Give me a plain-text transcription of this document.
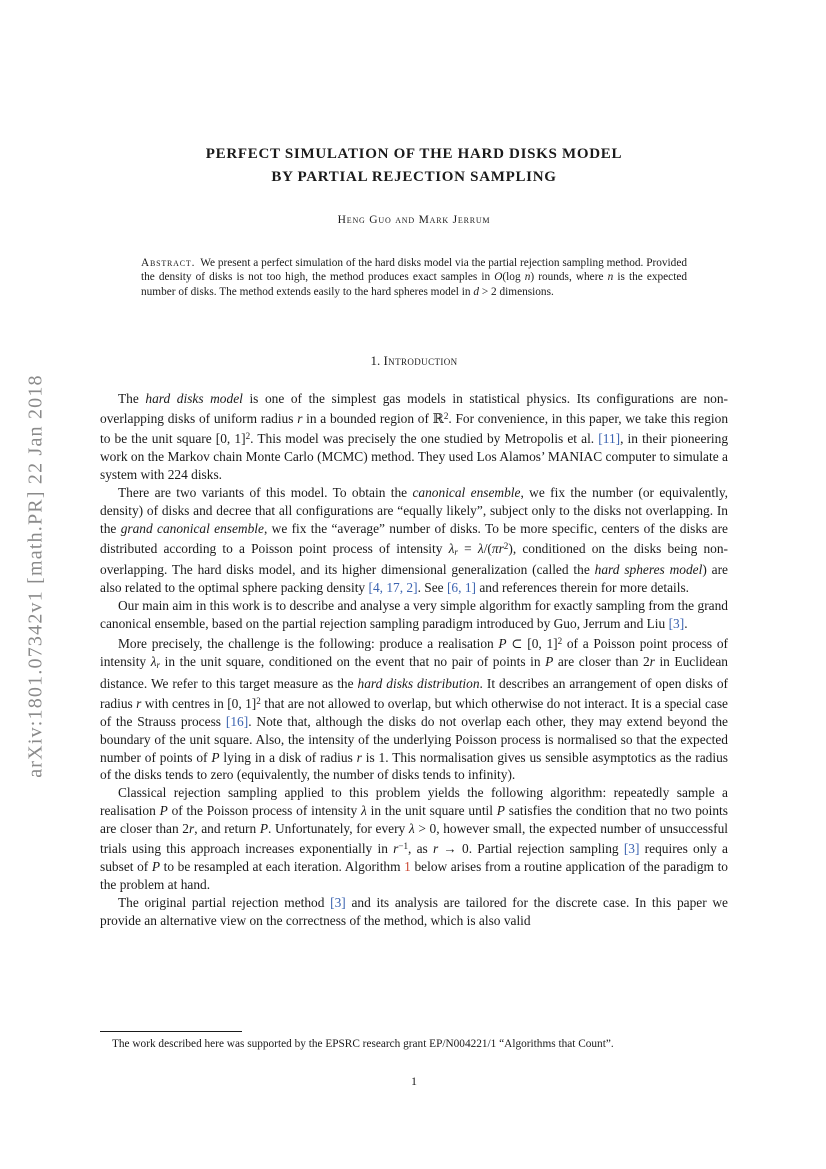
arXiv:1801.07342v1 [math.PR] 22 Jan 2018
PERFECT SIMULATION OF THE HARD DISKS MODEL
BY PARTIAL REJECTION SAMPLING
Heng Guo and Mark Jerrum
Abstract. We present a perfect simulation of the hard disks model via the partial rejection sampling method. Provided the density of disks is not too high, the method produces exact samples in O(log n) rounds, where n is the expected number of disks. The method extends easily to the hard spheres model in d > 2 dimensions.
1. Introduction

The hard disks model is one of the simplest gas models in statistical physics. Its configurations are non-overlapping disks of uniform radius r in a bounded region of ℝ$^2$. For convenience, in this paper, we take this region to be the unit square [0, 1]$^2$. This model was precisely the one studied by Metropolis et al. [11], in their pioneering work on the Markov chain Monte Carlo (MCMC) method. They used Los Alamos’ MANIAC computer to simulate a system with 224 disks.

There are two variants of this model. To obtain the canonical ensemble, we fix the number (or equivalently, density) of disks and decree that all configurations are “equally likely”, subject only to the disks not overlapping. In the grand canonical ensemble, we fix the “average” number of disks. To be more specific, centers of the disks are distributed according to a Poisson point process of intensity $\lambda r = \lambda/(\pi r^2)$, conditioned on the disks being non-overlapping. The hard disks model, and its higher dimensional generalization (called the hard spheres model) are also related to the optimal sphere packing density [4, 17, 2]. See [6, 1] and references therein for more details.

Our main aim in this work is to describe and analyse a very simple algorithm for exactly sampling from the grand canonical ensemble, based on the partial rejection sampling paradigm introduced by Guo, Jerrum and Liu [3].

More precisely, the challenge is the following: produce a realisation P ⊂ [0, 1]$^2$ of a Poisson point process of intensity λr in the unit square, conditioned on the event that no pair of points in P are closer than 2r in Euclidean distance. We refer to this target measure as the hard disks distribution. It describes an arrangement of open disks of radius r with centres in [0, 1]$^2$ that are not allowed to overlap, but which otherwise do not interact. It is a special case of the Strauss process [16]. Note that, although the disks do not overlap each other, they may extend beyond the boundary of the unit square. Also, the intensity of the underlying Poisson process is normalised so that the expected number of points of P lying in a disk of radius r is 1. This normalisation gives us sensible asymptotics as the radius of the disks tends to zero (equivalently, the number of disks tends to infinity).

Classical rejection sampling applied to this problem yields the following algorithm: repeatedly sample a realisation P of the Poisson process of intensity λ in the unit square until P satisfies the condition that no two points are closer than 2r, and return P. Unfortunately, for every λ > 0, however small, the expected number of unsuccessful trials using this approach increases exponentially in $r^{-1}$, as r → 0. Partial rejection sampling [3] requires only a subset of P to be resampled at each iteration. Algorithm 1 below arises from a routine application of the paradigm to the problem at hand.

The original partial rejection method [3] and its analysis are tailored for the discrete case. In this paper we provide an alternative view on the correctness of the method, which is also valid

The work described here was supported by the EPSRC research grant EP/N004221/1 “Algorithms that Count”.

1
